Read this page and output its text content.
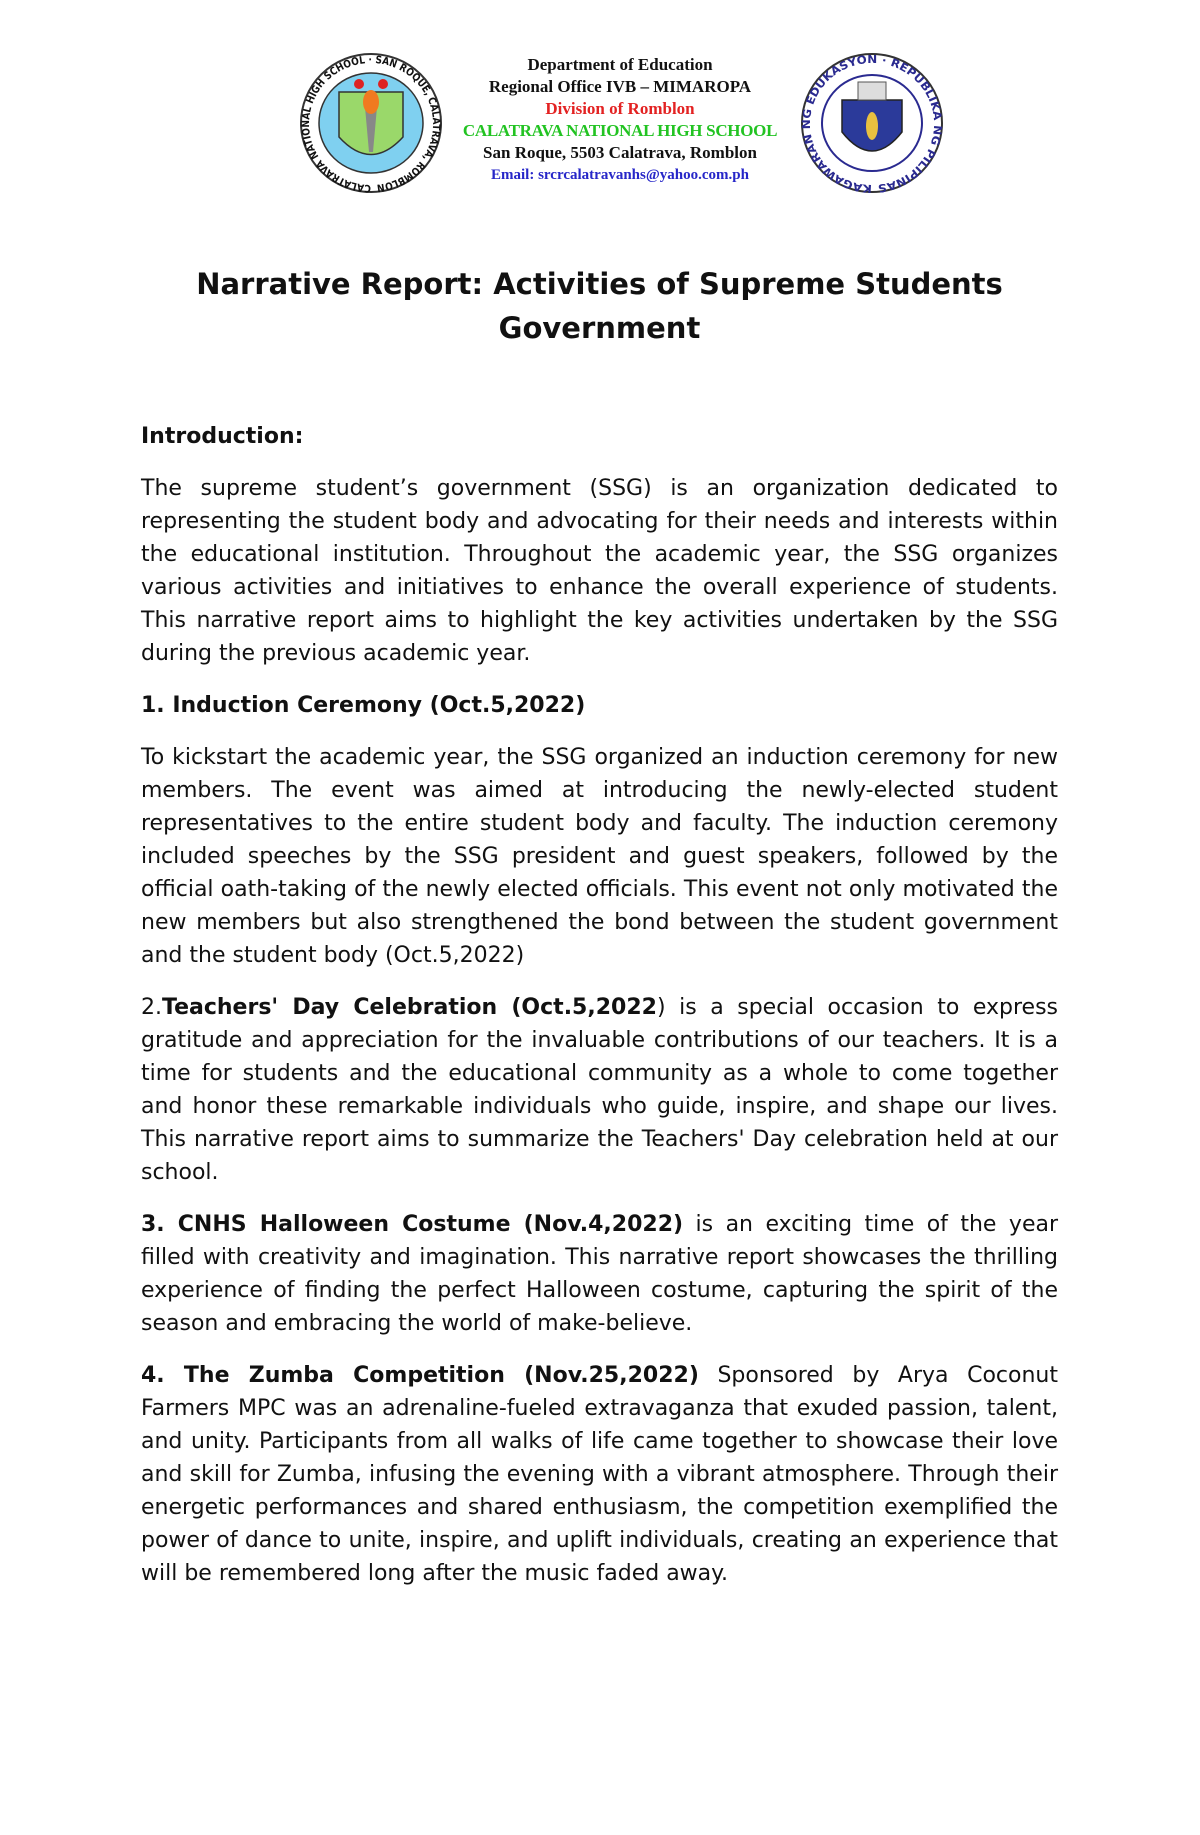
CALATRAVA NATIONAL HIGH SCHOOL · SAN ROQUE, CALATRAVA, ROMBLON
Department of Education
Regional Office IVB – MIMAROPA
Division of Romblon
CALATRAVA NATIONAL HIGH SCHOOL
San Roque, 5503 Calatrava, Romblon
Email: srcrcalatravanhs@yahoo.com.ph
KAGAWARAN NG EDUKASYON · REPUBLIKA NG PILIPINAS
Narrative Report: Activities of Supreme Students
Government
Introduction:

The supreme student’s government (SSG) is an organization dedicated to representing the student body and advocating for their needs and interests within the educational institution. Throughout the academic year, the SSG organizes various activities and initiatives to enhance the overall experience of students. This narrative report aims to highlight the key activities undertaken by the SSG during the previous academic year.

1. Induction Ceremony (Oct.5,2022)

To kickstart the academic year, the SSG organized an induction ceremony for new members. The event was aimed at introducing the newly-elected student representatives to the entire student body and faculty. The induction ceremony included speeches by the SSG president and guest speakers, followed by the official oath-taking of the newly elected officials. This event not only motivated the new members but also strengthened the bond between the student government and the student body (Oct.5,2022)

2.Teachers' Day Celebration (Oct.5,2022) is a special occasion to express gratitude and appreciation for the invaluable contributions of our teachers. It is a time for students and the educational community as a whole to come together and honor these remarkable individuals who guide, inspire, and shape our lives. This narrative report aims to summarize the Teachers' Day celebration held at our school.

3. CNHS Halloween Costume (Nov.4,2022) is an exciting time of the year filled with creativity and imagination. This narrative report showcases the thrilling experience of finding the perfect Halloween costume, capturing the spirit of the season and embracing the world of make-believe.

4. The Zumba Competition (Nov.25,2022) Sponsored by Arya Coconut Farmers MPC was an adrenaline-fueled extravaganza that exuded passion, talent, and unity. Participants from all walks of life came together to showcase their love and skill for Zumba, infusing the evening with a vibrant atmosphere. Through their energetic performances and shared enthusiasm, the competition exemplified the power of dance to unite, inspire, and uplift individuals, creating an experience that will be remembered long after the music faded away.
